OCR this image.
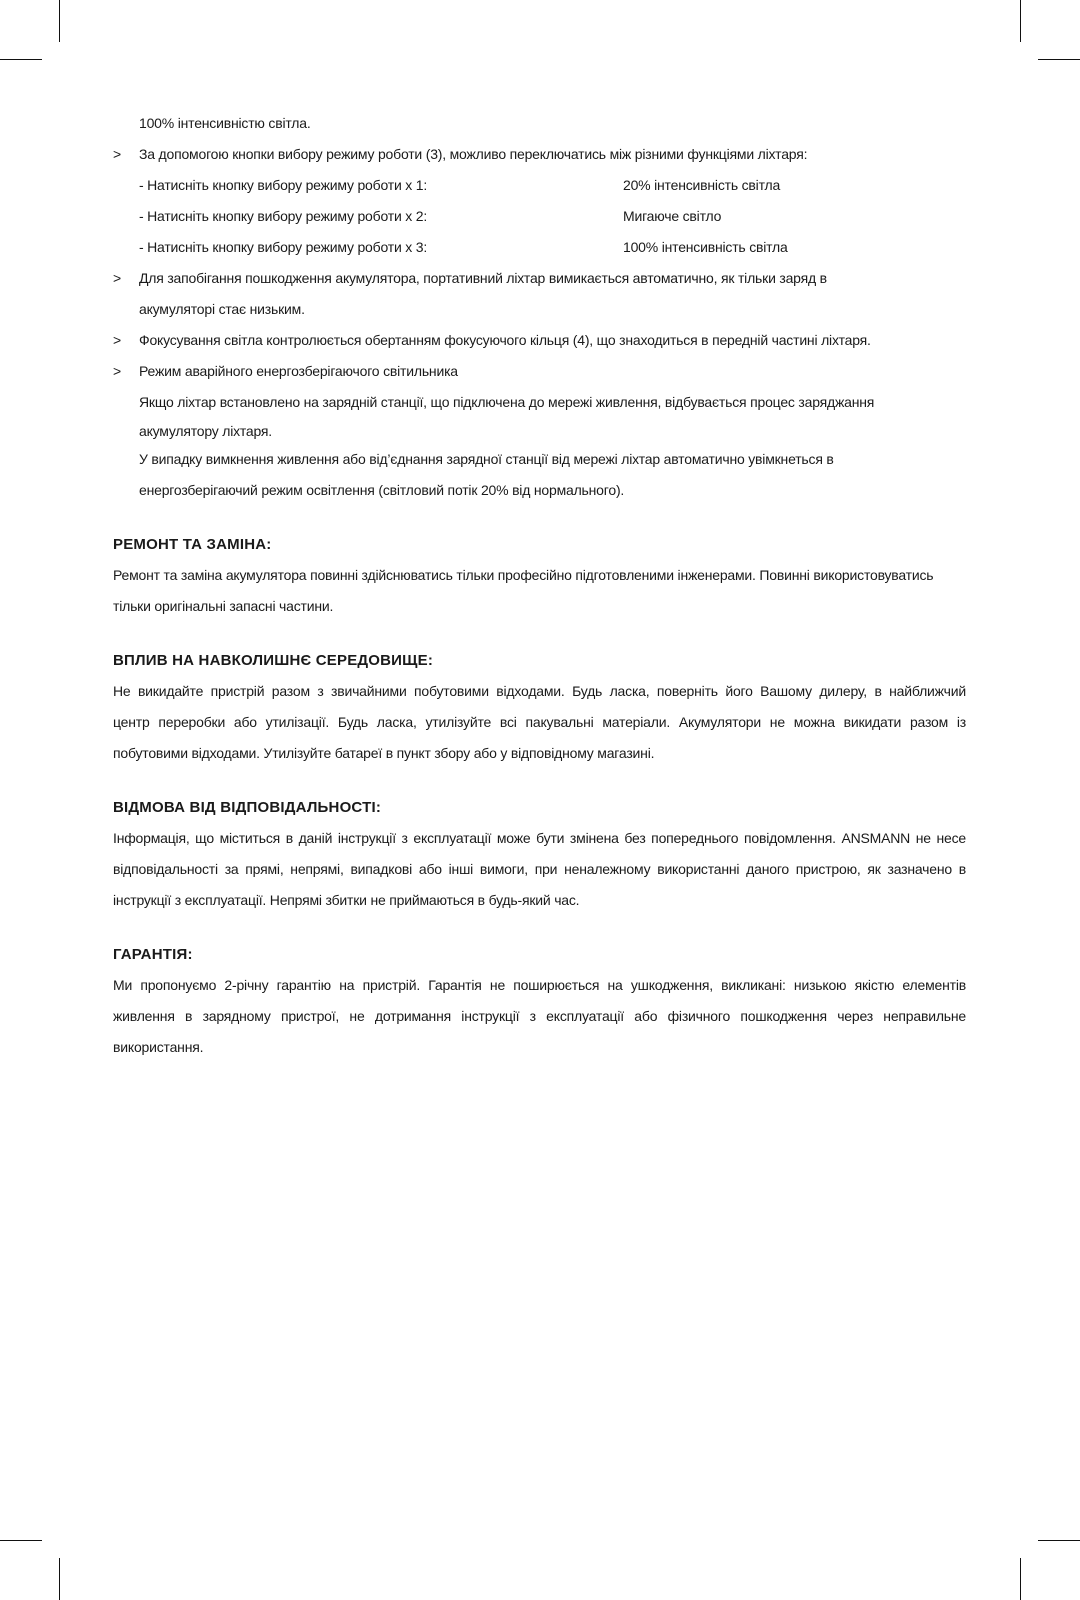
100% інтенсивністю світла.
> За допомогою кнопки вибору режиму роботи (3), можливо переключатись між різними функціями ліхтаря:
- Натисніть кнопку вибору режиму роботи х 1:	20% інтенсивність світла
- Натисніть кнопку вибору режиму роботи х 2:	Мигаюче світло
- Натисніть кнопку вибору режиму роботи х 3:	100% інтенсивність світла
> Для запобігання пошкодження акумулятора, портативний ліхтар вимикається автоматично, як тільки заряд в
акумуляторі стає низьким.
> Фокусування світла контролюється обертанням фокусуючого кільця (4), що знаходиться в передній частині ліхтаря.
> Режим аварійного енергозберігаючого світильника
Якщо ліхтар встановлено на зарядній станції, що підключена до мережі живлення, відбувається процес заряджання
акумулятору ліхтаря.
У випадку вимкнення живлення або від’єднання зарядної станції від мережі ліхтар автоматично увімкнеться в
енергозберігаючий режим освітлення (світловий потік 20% від нормального).
РЕМОНТ ТА ЗАМІНА:
Ремонт та заміна акумулятора повинні здійснюватись тільки професійно підготовленими інженерами. Повинні використовуватись
тільки оригінальні запасні частини.
ВПЛИВ НА НАВКОЛИШНЄ СЕРЕДОВИЩЕ:
Не викидайте пристрій разом з звичайними побутовими відходами. Будь ласка, поверніть його Вашому дилеру, в найближчий
центр переробки або утилізації. Будь ласка, утилізуйте всі пакувальні матеріали. Акумулятори не можна викидати разом із
побутовими відходами. Утилізуйте батареї в пункт збору або у відповідному магазині.
ВІДМОВА ВІД ВІДПОВІДАЛЬНОСТІ:
Інформація, що міститься в даній інструкції з експлуатації може бути змінена без попереднього повідомлення. ANSMANN не несе
відповідальності за прямі, непрямі, випадкові або інші вимоги, при неналежному використанні даного пристрою, як зазначено в
інструкції з експлуатації. Непрямі збитки не приймаються в будь-який час.
ГАРАНТІЯ:
Ми пропонуємо 2-річну гарантію на пристрій. Гарантія не поширюється на ушкодження, викликані: низькою якістю елементів
живлення в зарядному пристрої, не дотримання інструкції з експлуатації або фізичного пошкодження через неправильне
використання.
